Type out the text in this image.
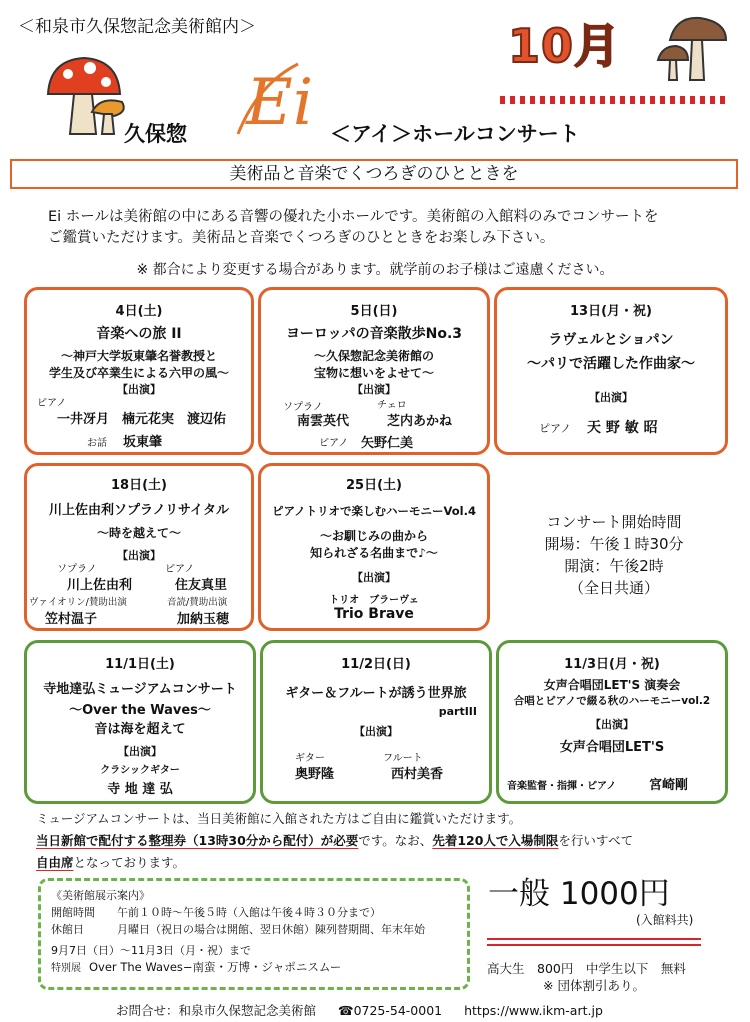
＜和泉市久保惣記念美術館内＞	10月
Ei
久保惣	＜アイ＞ホールコンサート
美術品と音楽でくつろぎのひとときを
Ei ホールは美術館の中にある音響の優れた小ホールです。美術館の入館料のみでコンサートを
ご鑑賞いただけます。美術品と音楽でくつろぎのひとときをお楽しみ下さい。
※ 都合により変更する場合があります。就学前のお子様はご遠慮ください。
4日(土)
音楽への旅 II
～神戸大学坂東肇名誉教授と
学生及び卒業生による六甲の風～
【出演】
ピアノ
一井冴月　楠元花実　渡辺佑
お話 坂東肇
5日(日)
ヨーロッパの音楽散歩No.3
～久保惣記念美術館の
宝物に想いをよせて～
【出演】
ソプラノ	チェロ
南雲英代	芝内あかね
ピアノ 矢野仁美
13日(月・祝)
ラヴェルとショパン
～パリで活躍した作曲家～
【出演】
ピアノ 天 野 敏 昭
18日(土)
川上佐由利ソプラノリサイタル
～時を越えて～
【出演】
ソプラノ	ピアノ
川上佐由利	住友真里
ヴァイオリン/賛助出演	音読/賛助出演
笠村温子	加納玉穂
25日(土)
ピアノトリオで楽しむハーモニーVol.4
～お馴じみの曲から
知られざる名曲まで♪～
【出演】
トリオ　ブラーヴェ
Trio Brave
コンサート開始時間
開場：午後１時30分
開演：午後2時
（全日共通）
11/1日(土)
寺地達弘ミュージアムコンサート
～Over the Waves～
音は海を超えて
【出演】
クラシックギター
寺 地 達 弘
11/2日(日)
ギター＆フルートが誘う世界旅
partIII
【出演】
ギター	フルート
奥野隆	西村美香
11/3日(月・祝)
女声合唱団LET'S 演奏会
合唱とピアノで綴る秋のハーモニーvol.2
【出演】
女声合唱団LET'S
音楽監督・指揮・ピアノ	宮崎剛
ミュージアムコンサートは、当日美術館に入館された方はご自由に鑑賞いただけます。
当日新館で配付する整理券（13時30分から配付）が必要です。なお、先着120人で入場制限を行いすべて
自由席となっております。
《美術館展示案内》
開館時間 午前１０時～午後５時（入館は午後４時３０分まで）
休館日	月曜日（祝日の場合は開館、翌日休館）陳列替期間、年末年始
9月7日（日）～11月3日（月・祝）まで
特別展 Over The Waves−南蛮・万博・ジャポニスムー
一般 1000円
(入館料共)
高大生　800円　中学生以下　無料
※ 団体割引あり。
お問合せ：和泉市久保惣記念美術館 ☎0725-54-0001 https://www.ikm-art.jp
